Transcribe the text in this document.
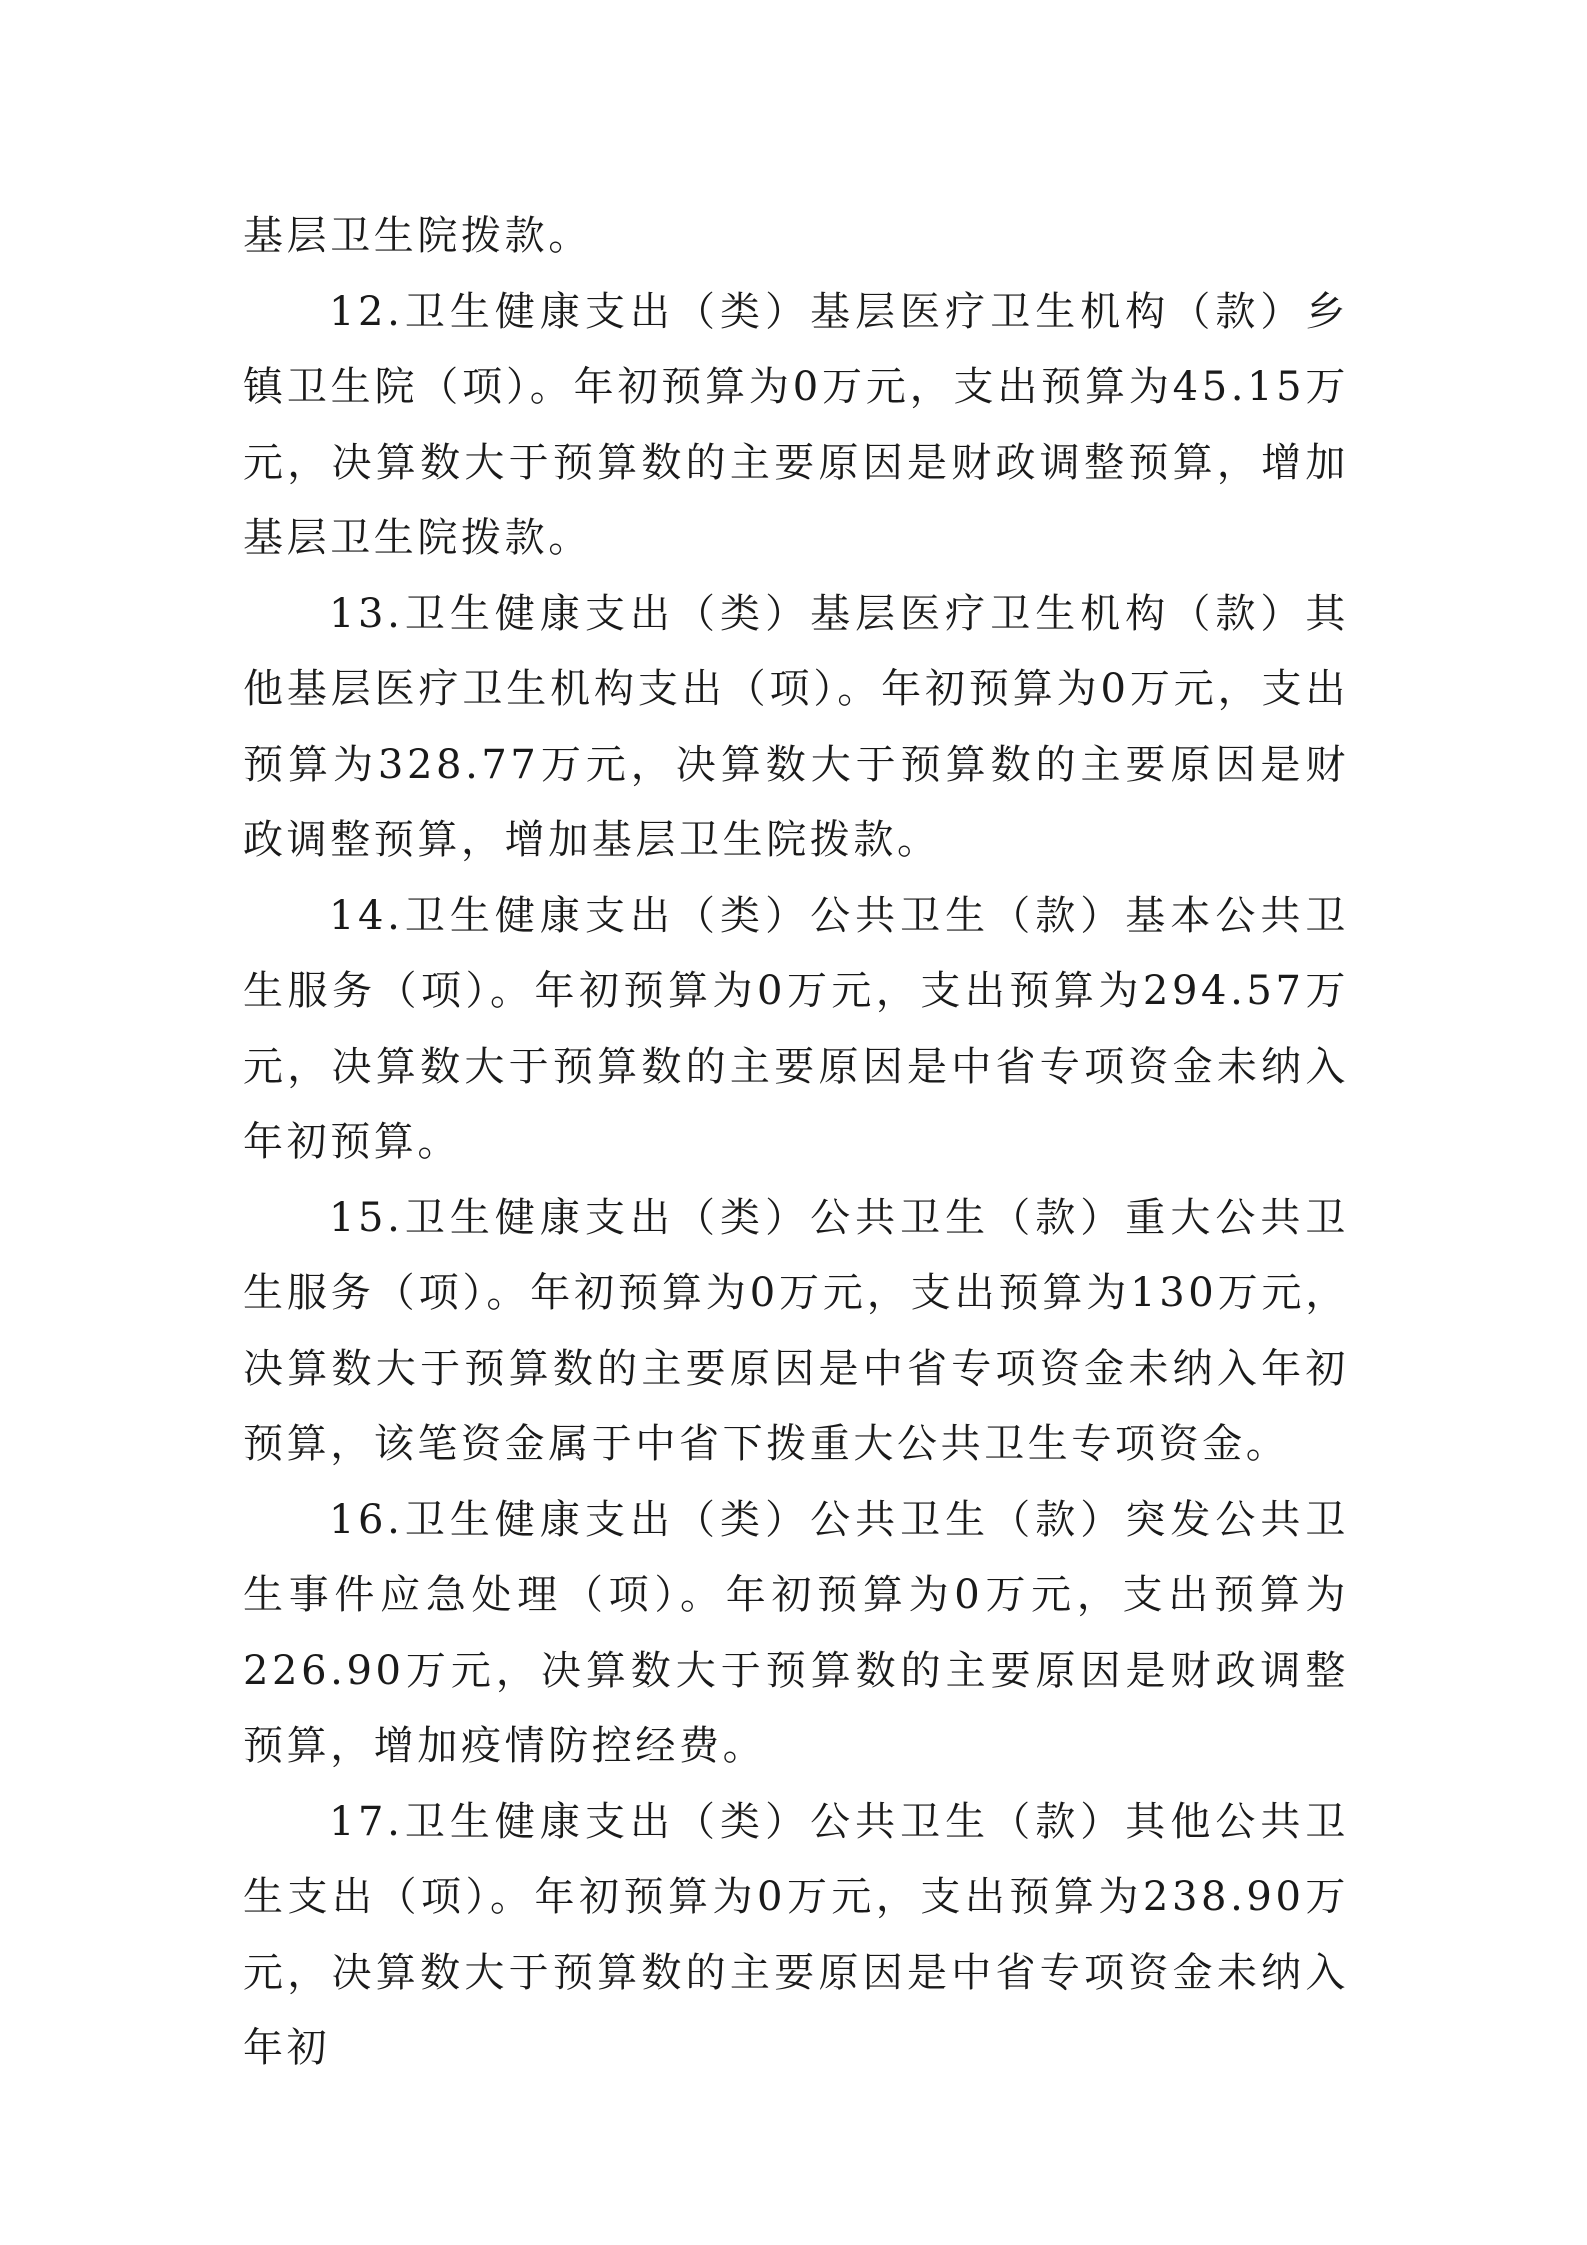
基层卫生院拨款。

12.卫生健康支出（类）基层医疗卫生机构（款）乡镇卫生院（项）。年初预算为0万元，支出预算为45.15万元，决算数大于预算数的主要原因是财政调整预算，增加基层卫生院拨款。

13.卫生健康支出（类）基层医疗卫生机构（款）其他基层医疗卫生机构支出（项）。年初预算为0万元，支出预算为328.77万元，决算数大于预算数的主要原因是财政调整预算，增加基层卫生院拨款。

14.卫生健康支出（类）公共卫生（款）基本公共卫生服务（项）。年初预算为0万元，支出预算为294.57万元，决算数大于预算数的主要原因是中省专项资金未纳入年初预算。

15.卫生健康支出（类）公共卫生（款）重大公共卫生服务（项）。年初预算为0万元，支出预算为130万元，决算数大于预算数的主要原因是中省专项资金未纳入年初预算，该笔资金属于中省下拨重大公共卫生专项资金。

16.卫生健康支出（类）公共卫生（款）突发公共卫生事件应急处理（项）。年初预算为0万元，支出预算为226.90万元，决算数大于预算数的主要原因是财政调整预算，增加疫情防控经费。

17.卫生健康支出（类）公共卫生（款）其他公共卫生支出（项）。年初预算为0万元，支出预算为238.90万元，决算数大于预算数的主要原因是中省专项资金未纳入年初
